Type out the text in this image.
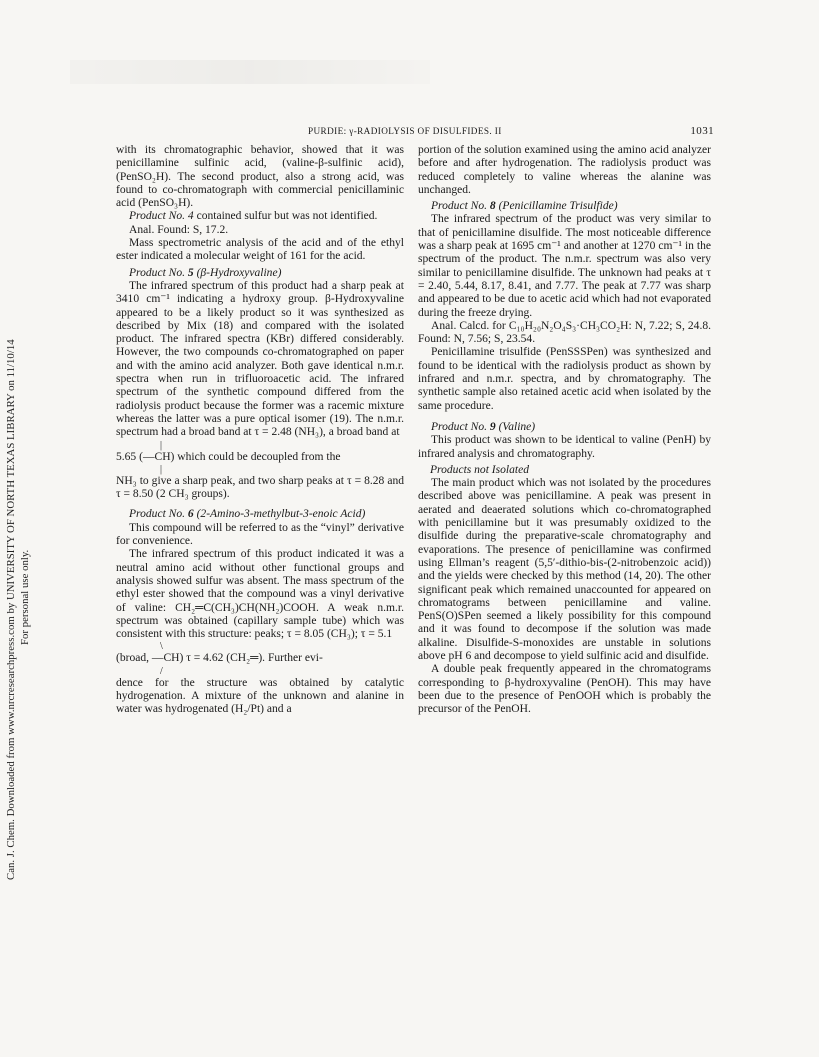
Can. J. Chem. Downloaded from www.nrcresearchpress.com by UNIVERSITY OF NORTH TEXAS LIBRARY on 11/10/14 For personal use only.
PURDIE: γ-RADIOLYSIS OF DISULFIDES. II	1031

with its chromatographic behavior, showed that it was penicillamine sulfinic acid, (valine-β-sulfinic acid), (PenSO₂H). The second product, also a strong acid, was found to co-chromatograph with commercial penicillaminic acid (PenSO₃H).

Product No. 4 contained sulfur but was not identified.

Anal. Found: S, 17.2.

Mass spectrometric analysis of the acid and of the ethyl ester indicated a molecular weight of 161 for the acid.

Product No. 5 (β-Hydroxyvaline)

The infrared spectrum of this product had a sharp peak at 3410 cm⁻¹ indicating a hydroxy group. β-Hydroxyvaline appeared to be a likely product so it was synthesized as described by Mix (18) and compared with the isolated product. The infrared spectra (KBr) differed considerably. However, the two compounds co-chromatographed on paper and with the amino acid analyzer. Both gave identical n.m.r. spectra when run in trifluoroacetic acid. The infrared spectrum of the synthetic compound differed from the radiolysis product because the former was a racemic mixture whereas the latter was a pure optical isomer (19). The n.m.r. spectrum had a broad band at τ = 2.48 (NH₃), a broad band at

|

5.65 (—CH) which could be decoupled from the

|

NH₃ to give a sharp peak, and two sharp peaks at τ = 8.28 and τ = 8.50 (2 CH₃ groups).

Product No. 6 (2-Amino-3-methylbut-3-enoic Acid)

This compound will be referred to as the “vinyl” derivative for convenience.

The infrared spectrum of this product indicated it was a neutral amino acid without other functional groups and analysis showed sulfur was absent. The mass spectrum of the ethyl ester showed that the compound was a vinyl derivative of valine: CH₂═C(CH₃)CH(NH₂)COOH. A weak n.m.r. spectrum was obtained (capillary sample tube) which was consistent with this structure: peaks; τ = 8.05 (CH₃); τ = 5.1

\

(broad, —CH) τ = 4.62 (CH₂═). Further evi-

/

dence for the structure was obtained by catalytic hydrogenation. A mixture of the unknown and alanine in water was hydrogenated (H₂/Pt) and a

portion of the solution examined using the amino acid analyzer before and after hydrogenation. The radiolysis product was reduced completely to valine whereas the alanine was unchanged.

Product No. 8 (Penicillamine Trisulfide)

The infrared spectrum of the product was very similar to that of penicillamine disulfide. The most noticeable difference was a sharp peak at 1695 cm⁻¹ and another at 1270 cm⁻¹ in the spectrum of the product. The n.m.r. spectrum was also very similar to penicillamine disulfide. The unknown had peaks at τ = 2.40, 5.44, 8.17, 8.41, and 7.77. The peak at 7.77 was sharp and appeared to be due to acetic acid which had not evaporated during the freeze drying.

Anal. Calcd. for C₁₀H₂₀N₂O₄S₃·CH₃CO₂H: N, 7.22; S, 24.8. Found: N, 7.56; S, 23.54.

Penicillamine trisulfide (PenSSSPen) was synthesized and found to be identical with the radiolysis product as shown by infrared and n.m.r. spectra, and by chromatography. The synthetic sample also retained acetic acid when isolated by the same procedure.

Product No. 9 (Valine)

This product was shown to be identical to valine (PenH) by infrared analysis and chromatography.

Products not Isolated

The main product which was not isolated by the procedures described above was penicillamine. A peak was present in aerated and deaerated solutions which co-chromatographed with penicillamine but it was presumably oxidized to the disulfide during the preparative-scale chromatography and evaporations. The presence of penicillamine was confirmed using Ellman’s reagent (5,5′-dithio-bis-(2-nitrobenzoic acid)) and the yields were checked by this method (14, 20). The other significant peak which remained unaccounted for appeared on chromatograms between penicillamine and valine. PenS(O)SPen seemed a likely possibility for this compound and it was found to decompose if the solution was made alkaline. Disulfide-S-monoxides are unstable in solutions above pH 6 and decompose to yield sulfinic acid and disulfide.

A double peak frequently appeared in the chromatograms corresponding to β-hydroxyvaline (PenOH). This may have been due to the presence of PenOOH which is probably the precursor of the PenOH.
